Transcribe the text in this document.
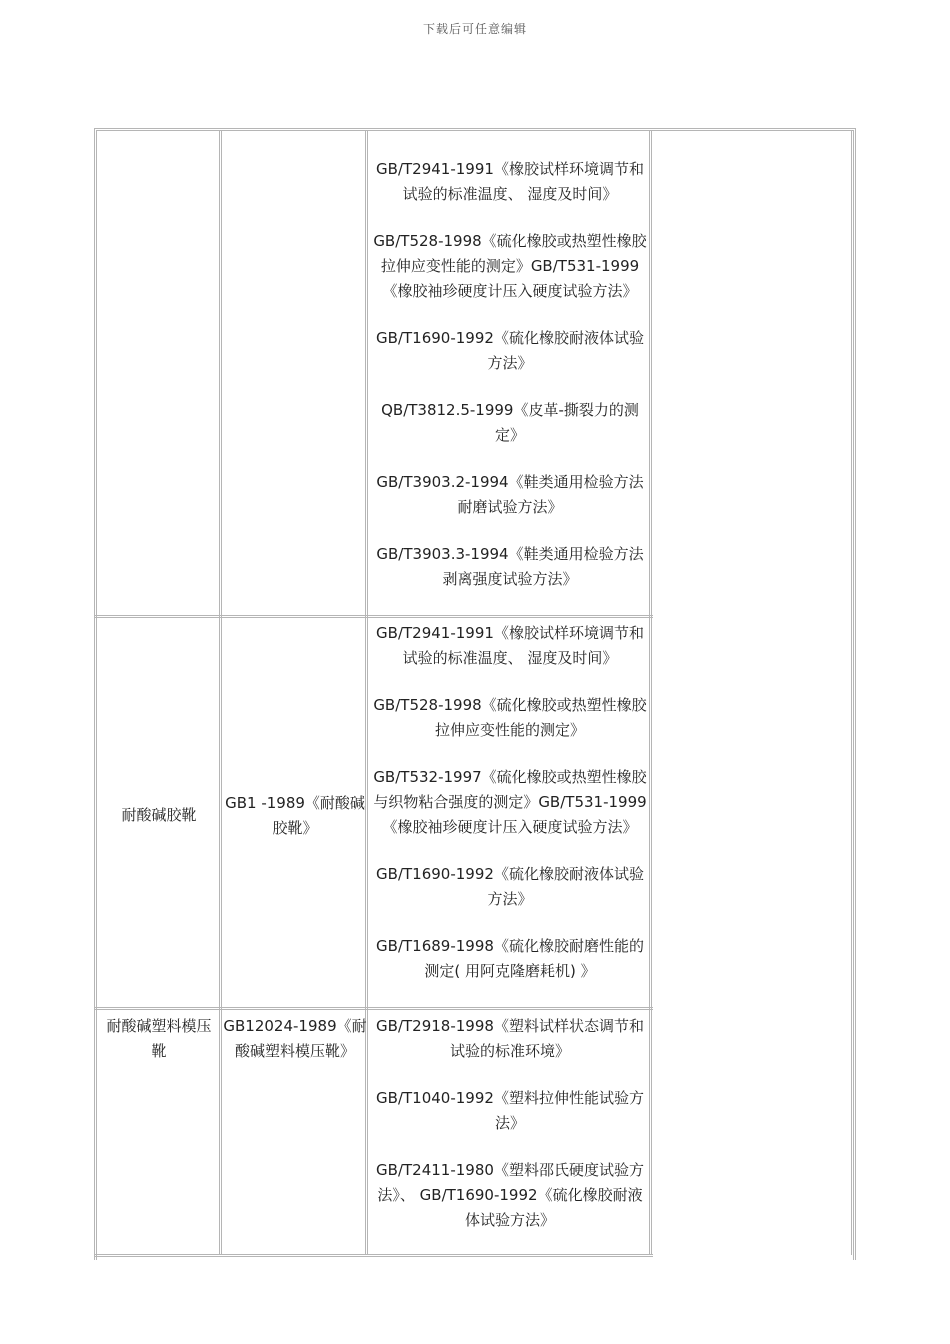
下载后可任意编辑
GB/T2941-1991《橡胶试样环境调节和试验的标准温度、 湿度及时间》
GB/T528-1998《硫化橡胶或热塑性橡胶拉伸应变性能的测定》GB/T531-1999《橡胶袖珍硬度计压入硬度试验方法》
GB/T1690-1992《硫化橡胶耐液体试验方法》
QB/T3812.5-1999《皮革-撕裂力的测定》
GB/T3903.2-1994《鞋类通用检验方法耐磨试验方法》
GB/T3903.3-1994《鞋类通用检验方法剥离强度试验方法》
耐酸碱胶靴
GB1 -1989《耐酸碱胶靴》
GB/T2941-1991《橡胶试样环境调节和试验的标准温度、 湿度及时间》
GB/T528-1998《硫化橡胶或热塑性橡胶拉伸应变性能的测定》
GB/T532-1997《硫化橡胶或热塑性橡胶与织物粘合强度的测定》GB/T531-1999《橡胶袖珍硬度计压入硬度试验方法》
GB/T1690-1992《硫化橡胶耐液体试验方法》
GB/T1689-1998《硫化橡胶耐磨性能的测定( 用阿克隆磨耗机) 》
耐酸碱塑料模压靴
GB12024-1989《耐酸碱塑料模压靴》
GB/T2918-1998《塑料试样状态调节和试验的标准环境》
GB/T1040-1992《塑料拉伸性能试验方法》
GB/T2411-1980《塑料邵氏硬度试验方法》、 GB/T1690-1992《硫化橡胶耐液体试验方法》
